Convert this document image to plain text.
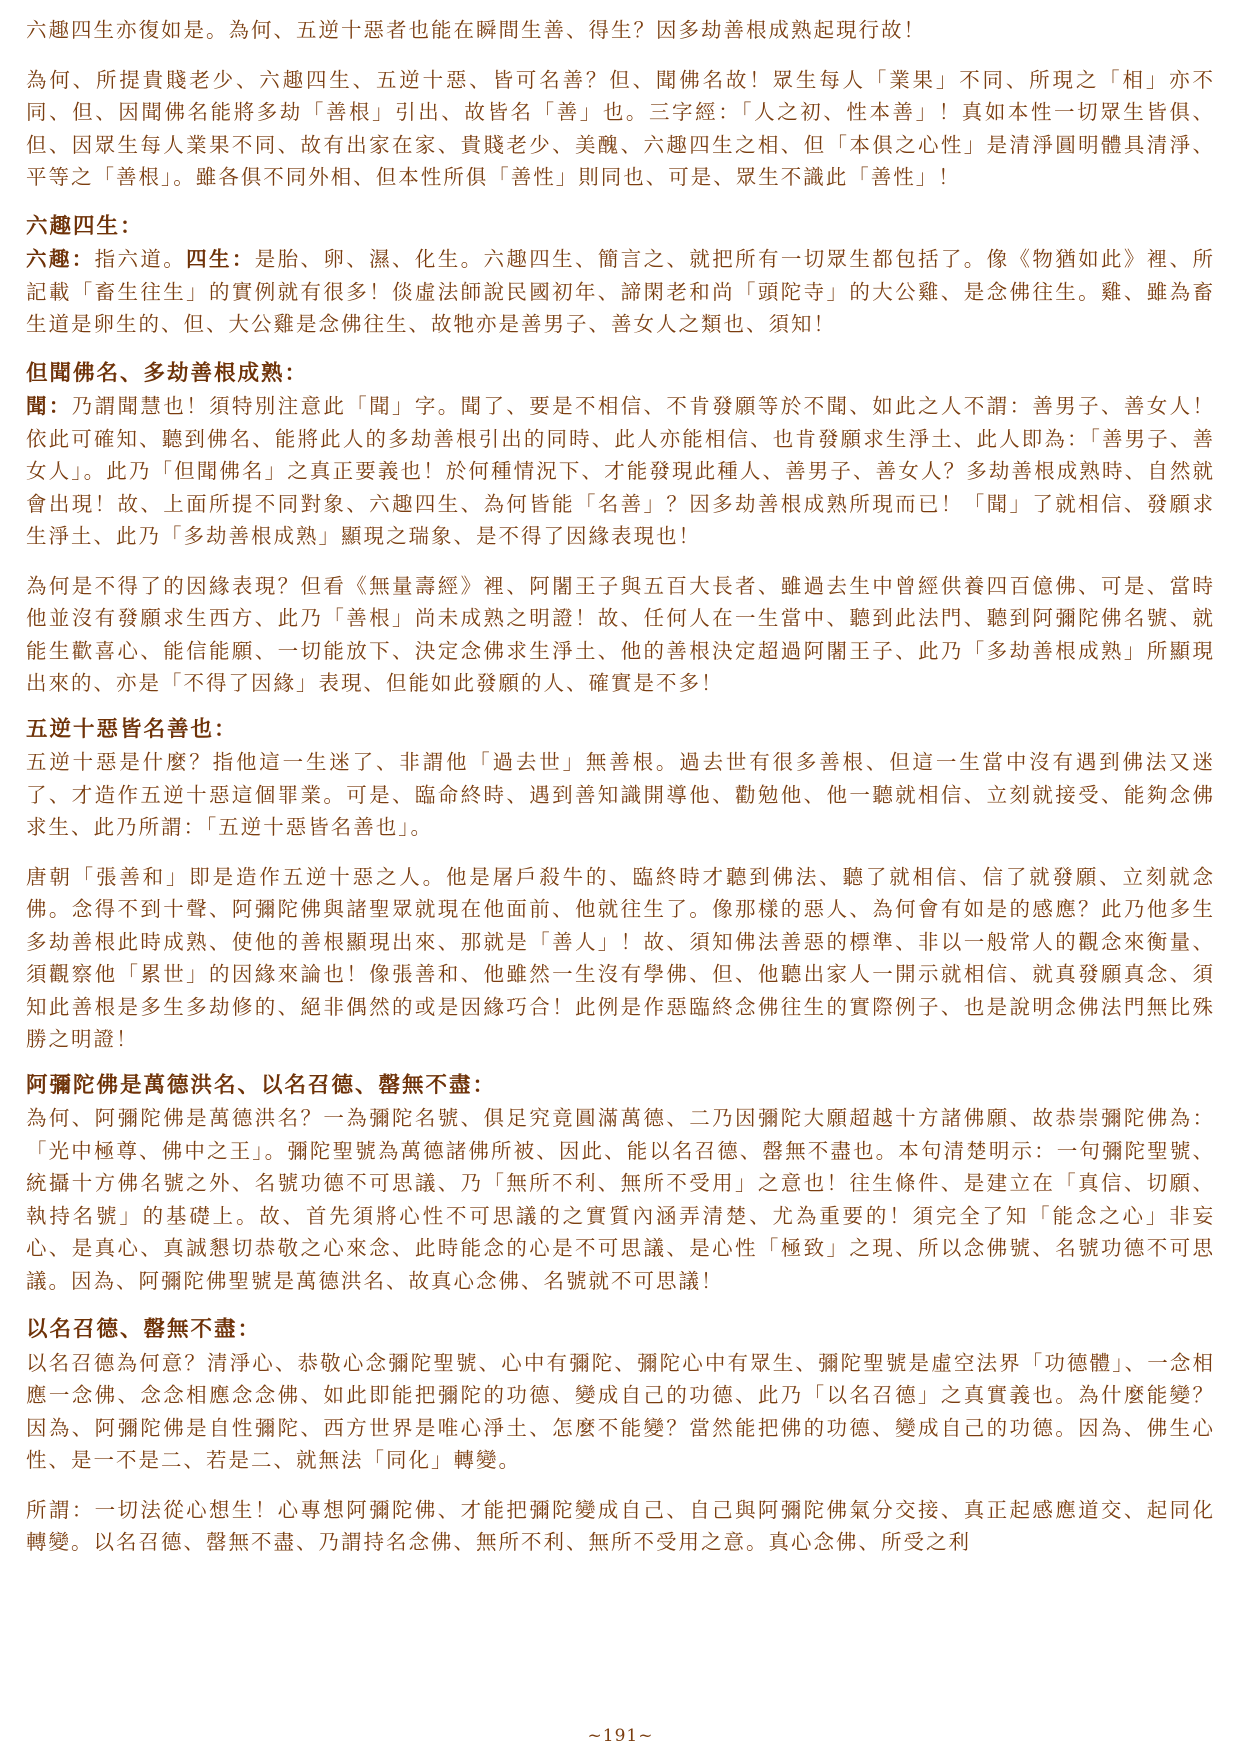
六趣四生亦復如是。為何、五逆十惡者也能在瞬間生善、得生？因多劫善根成熟起現行故！

為何、所提貴賤老少、六趣四生、五逆十惡、皆可名善？但、聞佛名故！眾生每人「業果」不同、所現之「相」亦不同、但、因聞佛名能將多劫「善根」引出、故皆名「善」也。三字經：「人之初、性本善」！真如本性一切眾生皆俱、但、因眾生每人業果不同、故有出家在家、貴賤老少、美醜、六趣四生之相、但「本俱之心性」是清淨圓明體具清淨、平等之「善根」。雖各俱不同外相、但本性所俱「善性」則同也、可是、眾生不識此「善性」！

六趣四生：

六趣：指六道。四生：是胎、卵、濕、化生。六趣四生、簡言之、就把所有一切眾生都包括了。像《物猶如此》裡、所記載「畜生往生」的實例就有很多！倓虛法師說民國初年、諦閑老和尚「頭陀寺」的大公雞、是念佛往生。雞、雖為畜生道是卵生的、但、大公雞是念佛往生、故牠亦是善男子、善女人之類也、須知！

但聞佛名、多劫善根成熟：

聞：乃謂聞慧也！須特別注意此「聞」字。聞了、要是不相信、不肯發願等於不聞、如此之人不謂：善男子、善女人！依此可確知、聽到佛名、能將此人的多劫善根引出的同時、此人亦能相信、也肯發願求生淨土、此人即為：「善男子、善女人」。此乃「但聞佛名」之真正要義也！於何種情況下、才能發現此種人、善男子、善女人？多劫善根成熟時、自然就會出現！故、上面所提不同對象、六趣四生、為何皆能「名善」？因多劫善根成熟所現而已！「聞」了就相信、發願求生淨土、此乃「多劫善根成熟」顯現之瑞象、是不得了因緣表現也！

為何是不得了的因緣表現？但看《無量壽經》裡、阿闍王子與五百大長者、雖過去生中曾經供養四百億佛、可是、當時他並沒有發願求生西方、此乃「善根」尚未成熟之明證！故、任何人在一生當中、聽到此法門、聽到阿彌陀佛名號、就能生歡喜心、能信能願、一切能放下、決定念佛求生淨土、他的善根決定超過阿闍王子、此乃「多劫善根成熟」所顯現出來的、亦是「不得了因緣」表現、但能如此發願的人、確實是不多！

五逆十惡皆名善也：

五逆十惡是什麼？指他這一生迷了、非謂他「過去世」無善根。過去世有很多善根、但這一生當中沒有遇到佛法又迷了、才造作五逆十惡這個罪業。可是、臨命終時、遇到善知識開導他、勸勉他、他一聽就相信、立刻就接受、能夠念佛求生、此乃所謂：「五逆十惡皆名善也」。

唐朝「張善和」即是造作五逆十惡之人。他是屠戶殺牛的、臨終時才聽到佛法、聽了就相信、信了就發願、立刻就念佛。念得不到十聲、阿彌陀佛與諸聖眾就現在他面前、他就往生了。像那樣的惡人、為何會有如是的感應？此乃他多生多劫善根此時成熟、使他的善根顯現出來、那就是「善人」！故、須知佛法善惡的標準、非以一般常人的觀念來衡量、須觀察他「累世」的因緣來論也！像張善和、他雖然一生沒有學佛、但、他聽出家人一開示就相信、就真發願真念、須知此善根是多生多劫修的、絕非偶然的或是因緣巧合！此例是作惡臨終念佛往生的實際例子、也是說明念佛法門無比殊勝之明證！

阿彌陀佛是萬德洪名、以名召德、罄無不盡：

為何、阿彌陀佛是萬德洪名？一為彌陀名號、俱足究竟圓滿萬德、二乃因彌陀大願超越十方諸佛願、故恭崇彌陀佛為：「光中極尊、佛中之王」。彌陀聖號為萬德諸佛所被、因此、能以名召德、罄無不盡也。本句清楚明示：一句彌陀聖號、統攝十方佛名號之外、名號功德不可思議、乃「無所不利、無所不受用」之意也！往生條件、是建立在「真信、切願、執持名號」的基礎上。故、首先須將心性不可思議的之實質內涵弄清楚、尤為重要的！須完全了知「能念之心」非妄心、是真心、真誠懇切恭敬之心來念、此時能念的心是不可思議、是心性「極致」之現、所以念佛號、名號功德不可思議。因為、阿彌陀佛聖號是萬德洪名、故真心念佛、名號就不可思議！

以名召德、罄無不盡：

以名召德為何意？清淨心、恭敬心念彌陀聖號、心中有彌陀、彌陀心中有眾生、彌陀聖號是虛空法界「功德體」、一念相應一念佛、念念相應念念佛、如此即能把彌陀的功德、變成自己的功德、此乃「以名召德」之真實義也。為什麼能變？因為、阿彌陀佛是自性彌陀、西方世界是唯心淨土、怎麼不能變？當然能把佛的功德、變成自己的功德。因為、佛生心性、是一不是二、若是二、就無法「同化」轉變。

所謂：一切法從心想生！心專想阿彌陀佛、才能把彌陀變成自己、自己與阿彌陀佛氣分交接、真正起感應道交、起同化轉變。以名召德、罄無不盡、乃謂持名念佛、無所不利、無所不受用之意。真心念佛、所受之利

~191~
